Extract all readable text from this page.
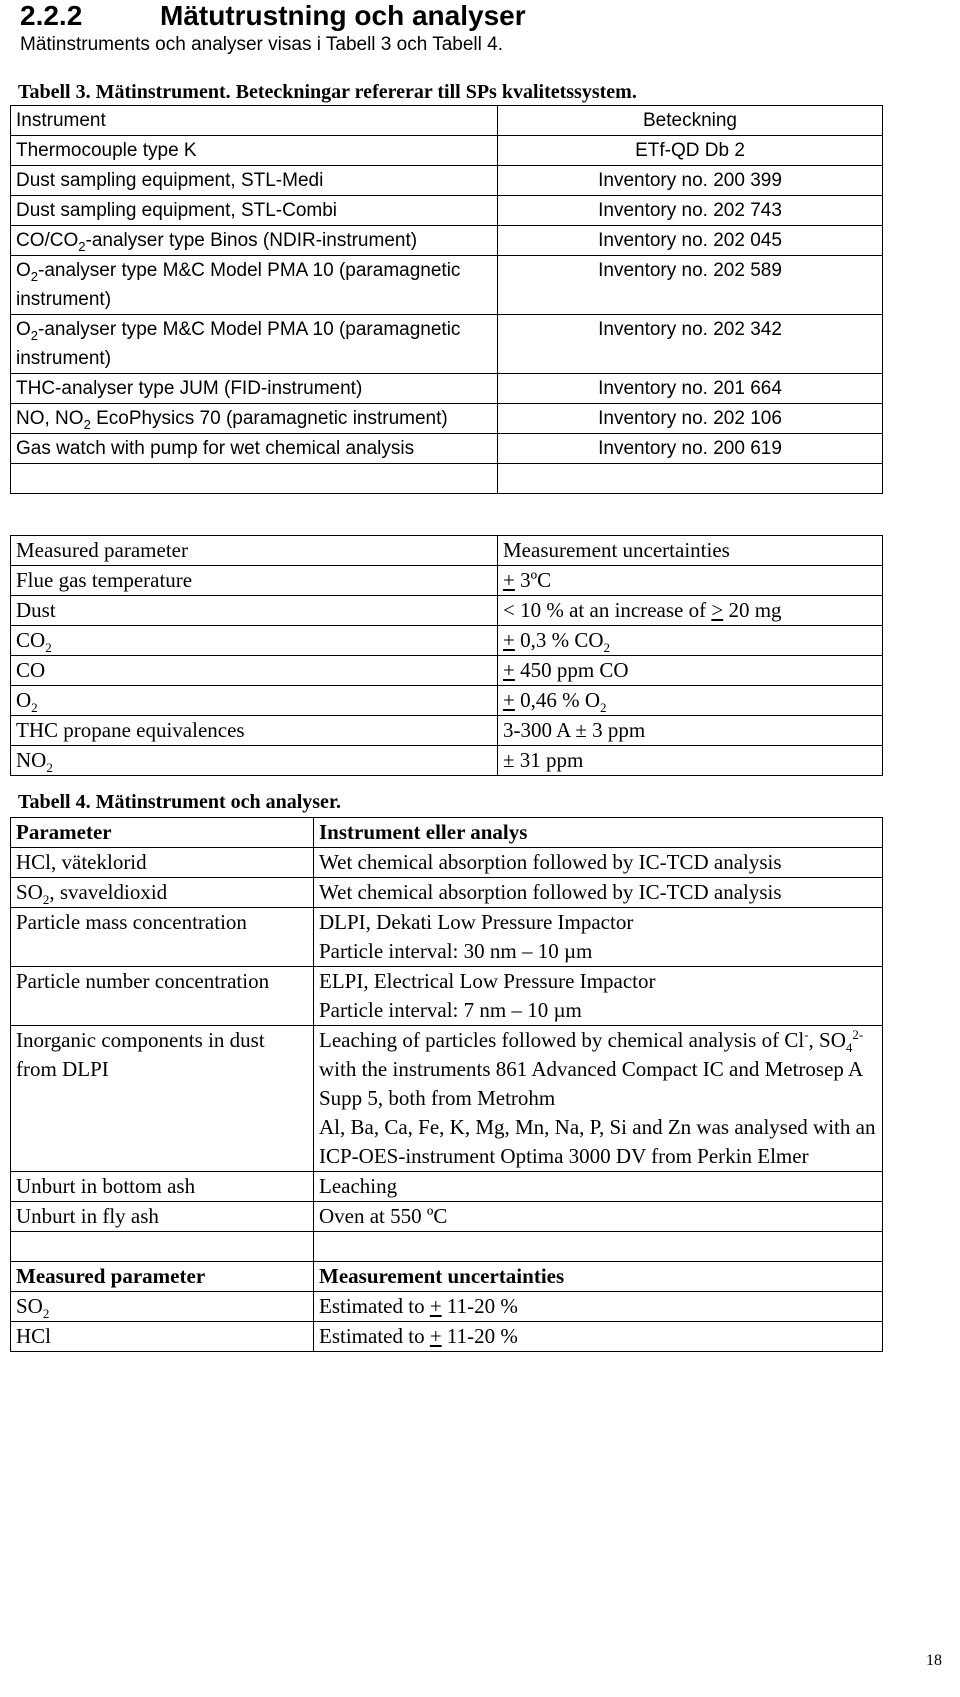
2.2.2	Mätutrustning och analyser
Mätinstruments och analyser visas i Tabell 3 och Tabell 4.
Tabell 3. Mätinstrument. Beteckningar refererar till SPs kvalitetssystem.
Instrument	Beteckning
Thermocouple type K	ETf-QD Db 2
Dust sampling equipment, STL-Medi	Inventory no. 200 399
Dust sampling equipment, STL-Combi	Inventory no. 202 743
$CO/CO_2$-analyser type Binos (NDIR-instrument)	Inventory no. 202 045
$O_2$-analyser type M&C Model PMA 10 (paramagnetic instrument)	Inventory no. 202 589
$O_2$-analyser type M&C Model PMA 10 (paramagnetic instrument)	Inventory no. 202 342
THC-analyser type JUM (FID-instrument)	Inventory no. 201 664
NO, $NO_2$ EcoPhysics 70 (paramagnetic instrument)	Inventory no. 202 106
Gas watch with pump for wet chemical analysis	Inventory no. 200 619

Measured parameter	Measurement uncertainties
Flue gas temperature	+ 3ºC
Dust	< 10 % at an increase of ≥ 20 mg
$CO_2$	+ 0,3 % $CO_2$
CO	+ 450 ppm CO
$O_2$	+ 0,46 % $O_2$
THC propane equivalences	3-300 A ± 3 ppm
$NO_2$	± 31 ppm
Tabell 4. Mätinstrument och analyser.
Parameter	Instrument eller analys
HCl, väteklorid	Wet chemical absorption followed by IC-TCD analysis
$SO_2$, svaveldioxid	Wet chemical absorption followed by IC-TCD analysis
Particle mass concentration	DLPI, Dekati Low Pressure Impactor
Particle interval: 30 nm – 10 µm

Particle number concentration	ELPI, Electrical Low Pressure Impactor
Particle interval: 7 nm – 10 µm

Inorganic components in dust from DLPI	Leaching of particles followed by chemical analysis of Cl-, $SO_4^{2-}$ with the instruments 861 Advanced Compact IC and Metrosep A Supp 5, both from Metrohm
Al, Ba, Ca, Fe, K, Mg, Mn, Na, P, Si and Zn was analysed with an ICP-OES-instrument Optima 3000 DV from Perkin Elmer

Unburt in bottom ash	Leaching
Unburt in fly ash	Oven at 550 ºC

Measured parameter	Measurement uncertainties
$SO_2$	Estimated to + 11-20 %
HCl	Estimated to + 11-20 %
18
